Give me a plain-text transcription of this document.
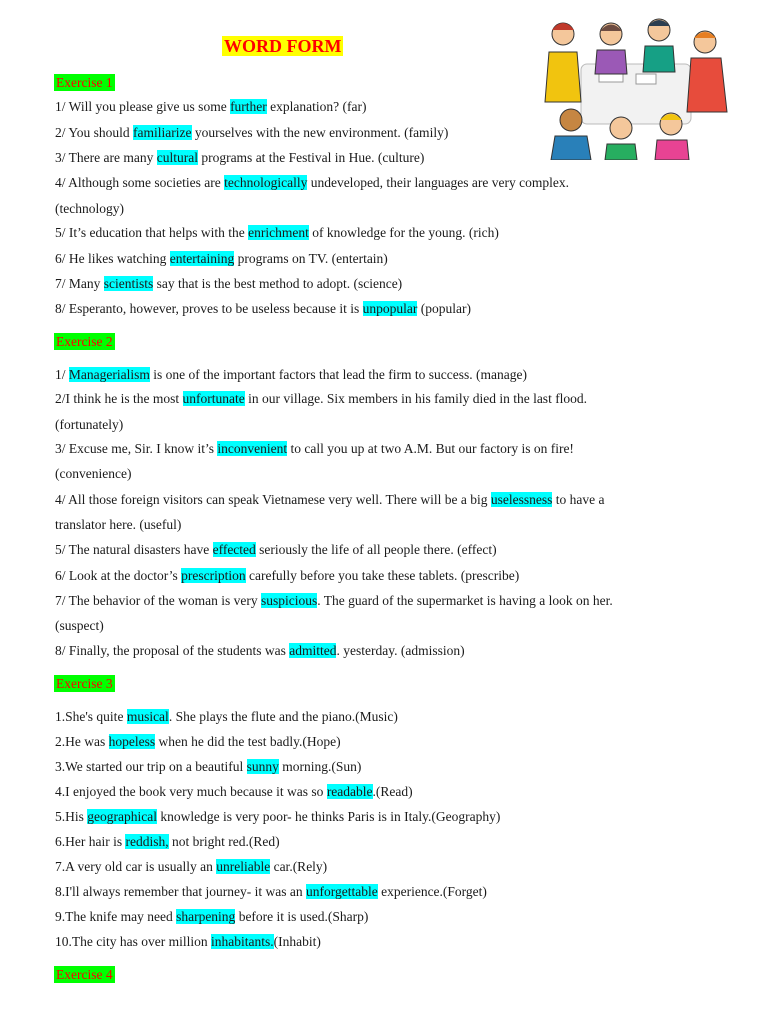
WORD FORM
Exercise 1
1/ Will you please give us some further explanation? (far)
2/ You should familiarize yourselves with the new environment. (family)
3/ There are many cultural programs at the Festival in Hue. (culture)
4/ Although some societies are technologically undeveloped, their languages are very complex.
(technology)
5/ It’s education that helps with the enrichment of knowledge for the young. (rich)
6/ He likes watching entertaining programs on TV. (entertain)
7/ Many scientists say that is the best method to adopt. (science)
8/ Esperanto, however, proves to be useless because it is unpopular (popular)
Exercise 2
1/ Managerialism is one of the important factors that lead the firm to success. (manage)
2/I think he is the most unfortunate in our village. Six members in his family died in the last flood.
(fortunately)
3/ Excuse me, Sir. I know it’s inconvenient to call you up at two A.M. But our factory is on fire!
(convenience)
4/ All those foreign visitors can speak Vietnamese very well. There will be a big uselessness to have a
translator here. (useful)
5/ The natural disasters have effected seriously the life of all people there. (effect)
6/ Look at the doctor’s prescription carefully before you take these tablets. (prescribe)
7/ The behavior of the woman is very suspicious. The guard of the supermarket is having a look on her.
(suspect)
8/ Finally, the proposal of the students was admitted. yesterday. (admission)
Exercise 3
1.She's quite musical. She plays the flute and the piano.(Music)
2.He was hopeless when he did the test badly.(Hope)
3.We started our trip on a beautiful sunny morning.(Sun)
4.I enjoyed the book very much because it was so readable.(Read)
5.His geographical knowledge is very poor- he thinks Paris is in Italy.(Geography)
6.Her hair is reddish, not bright red.(Red)
7.A very old car is usually an unreliable car.(Rely)
8.I'll always remember that journey- it was an unforgettable experience.(Forget)
9.The knife may need sharpening before it is used.(Sharp)
10.The city has over million inhabitants.(Inhabit)
Exercise 4
